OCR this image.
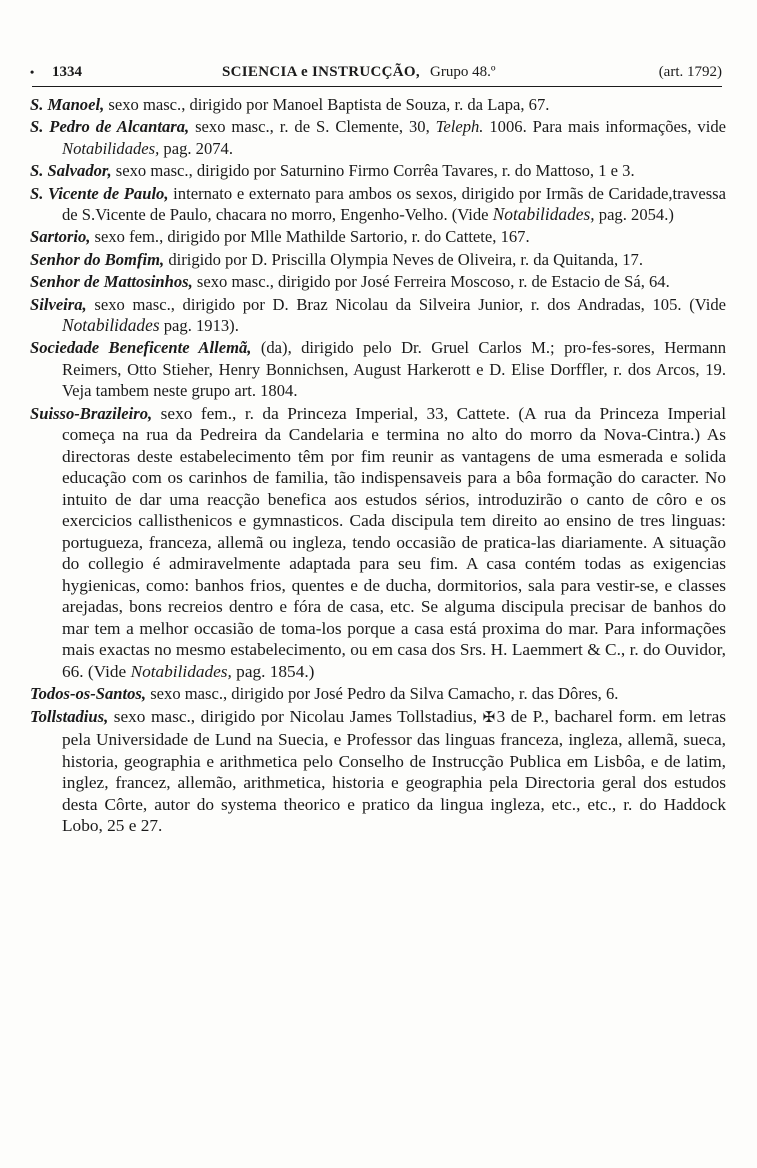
• 1334	SCIENCIA e INSTRUCÇÃO, Grupo 48.º	(art. 1792)

S. Manoel, sexo masc., dirigido por Manoel Baptista de Souza, r. da Lapa, 67.

S. Pedro de Alcantara, sexo masc., r. de S. Clemente, 30, Teleph. 1006. Para mais informações, vide Notabilidades, pag. 2074.

S. Salvador, sexo masc., dirigido por Saturnino Firmo Corrêa Tavares, r. do Mattoso, 1 e 3.

S. Vicente de Paulo, internato e externato para ambos os sexos, dirigido por Irmãs de Caridade,travessa de S.Vicente de Paulo, chacara no morro, Engenho-Velho. (Vide Notabilidades, pag. 2054.)

Sartorio, sexo fem., dirigido por Mlle Mathilde Sartorio, r. do Cattete, 167.

Senhor do Bomfim, dirigido por D. Priscilla Olympia Neves de Oliveira, r. da Quitanda, 17.

Senhor de Mattosinhos, sexo masc., dirigido por José Ferreira Moscoso, r. de Estacio de Sá, 64.

Silveira, sexo masc., dirigido por D. Braz Nicolau da Silveira Junior, r. dos Andradas, 105. (Vide Notabilidades pag. 1913).

Sociedade Beneficente Allemã, (da), dirigido pelo Dr. Gruel Carlos M.; pro-fes-sores, Hermann Reimers, Otto Stieher, Henry Bonnichsen, August Harkerott e D. Elise Dorffler, r. dos Arcos, 19. Veja tambem neste grupo art. 1804.

Suisso-Brazileiro, sexo fem., r. da Princeza Imperial, 33, Cattete. (A rua da Princeza Imperial começa na rua da Pedreira da Candelaria e termina no alto do morro da Nova-Cintra.) As directoras deste estabelecimento têm por fim reunir as vantagens de uma esmerada e solida educação com os carinhos de familia, tão indispensaveis para a bôa formação do caracter. No intuito de dar uma reacção benefica aos estudos sérios, introduzirão o canto de côro e os exercicios callisthenicos e gymnasticos. Cada discipula tem direito ao ensino de tres linguas: portugueza, franceza, allemã ou ingleza, tendo occasião de pratica-las diariamente. A situação do collegio é admiravelmente adaptada para seu fim. A casa contém todas as exigencias hygienicas, como: banhos frios, quentes e de ducha, dormitorios, sala para vestir-se, e classes arejadas, bons recreios dentro e fóra de casa, etc. Se alguma discipula precisar de banhos do mar tem a melhor occasião de toma-los porque a casa está proxima do mar. Para informações mais exactas no mesmo estabelecimento, ou em casa dos Srs. H. Laemmert & C., r. do Ouvidor, 66. (Vide Notabilidades, pag. 1854.)

Todos-os-Santos, sexo masc., dirigido por José Pedro da Silva Camacho, r. das Dôres, 6.

Tollstadius, sexo masc., dirigido por Nicolau James Tollstadius, ✠3 de P., bacharel form. em letras pela Universidade de Lund na Suecia, e Professor das linguas franceza, ingleza, allemã, sueca, historia, geographia e arithmetica pelo Conselho de Instrucção Publica em Lisbôa, e de latim, inglez, francez, allemão, arithmetica, historia e geographia pela Directoria geral dos estudos desta Côrte, autor do systema theorico e pratico da lingua ingleza, etc., etc., r. do Haddock Lobo, 25 e 27.
